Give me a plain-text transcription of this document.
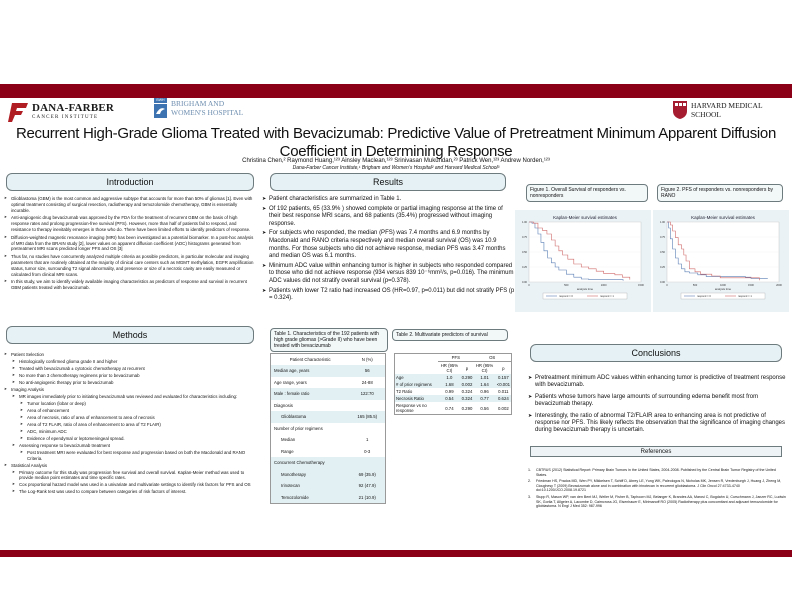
DANA-FARBER
CANCER INSTITUTE
BWH BRIGHAM AND
WOMEN'S HOSPITAL
HARVARD MEDICAL
SCHOOL
Recurrent High-Grade Glioma Treated with Bevacizumab: Predictive Value of Pretreatment Minimum Apparent Diffusion
Coefficient in Determining Response
Christina Chen,² Raymond Huang,¹²³ Ainsley Maclean,¹²³ Srinivasan Mukundan,²³ Patrick Wen,¹²³ Andrew Norden,¹²³
Dana-Farber Cancer Institute,¹ Brigham and Women’s Hospital² and Harvard Medical School³
Introduction
➤ Glioblastoma (GBM) is the most common and aggressive subtype that accounts for more than 50% of gliomas [1]. Even with optimal treatment consisting of surgical resection, radiotherapy and temozolomide chemotherapy, GBM is essentially incurable.
➤ Anti-angiogenic drug bevacizumab was approved by the FDA for the treatment of recurrent GBM on the basis of high response rates and prolong progression-free survival (PFS). However, more than half of patients fail to respond, and resistance to therapy inevitably emerges in those who do. There have been limited efforts to identify predictors of response.
➤ Diffusion-weighted magnetic resonance imaging (MRI) has been investigated as a potential biomarker. In a post-hoc analysis of MRI data from the BRAIN study [2], lower values on apparent diffusion coefficient (ADC) histograms generated from pretreatment MRI scans predicted longer PFS and OS [3]
➤ Thus far, no studies have concurrently analyzed multiple criteria as possible predictors, in particular molecular and imaging parameters that are routinely obtained at the majority of clinical care centers such as MGMT methylation, EGFR amplification status, tumor size, surrounding T2 signal abnormality, and presence or size of a necrotic cavity are easily measured or calculated from clinical MRI scans.
➤ In this study, we aim to identify widely available imaging characteristics as predictors of response and survival in recurrent GBM patients treated with bevacizumab.
Methods
➤ Patient Selection
➤ Histologically confirmed glioma grade II and higher
➤ Treated with bevacizumab ± cytotoxic chemotherapy at recurrent
➤ No more than 3 chemotherapy regimens prior to bevacizumab
➤ No anti-angiogenic therapy prior to bevacizumab
➤ Imaging Analysis
➤ MR images immediately prior to initiating bevacizumab was reviewed and evaluated for characteristics including:
➤ Tumor location (lobar or deep)
➤ Area of enhancement
➤ Area of necrosis, ratio of area of enhancement to area of necrosis
➤ Area of T2 FLAIR, ratio of area of enhancement to area of T2 FLAIR)
➤ ADC, minimum ADC
➤ Evidence of ependymal or leptomeningeal spread.
➤ Assessing response to bevacizumab treatment
➤ Post treatment MRI were evaluated for best response and progression based on both the Macdonald and RANO Criteria.
➤ Statistical Analysis
➤ Primary outcome for this study was progression free survival and overall survival. Kaplan-Meier method was used to provide median point estimates and time specific rates.
➤ Cox proportional hazard model was used in a univariate and multivariate settings to identify risk factors for PFS and OS
➤ The Log-Rank test was used to compare between categories of risk factors of interest.
Results
➤ Patient characteristics are summarized in Table 1.
➤ Of 192 patients, 65 (33.9% ) showed complete or partial imaging response at the time of their best response MRI scans, and 68 patients (35.4%) progressed without imaging response.
➤ For subjects who responded, the median (PFS) was 7.4 months and 6.9 months by Macdonald and RANO criteria respectively and median overall survival (OS) was 10.9 months. For those subjects who did not achieve response, median PFS was 3.47 months and median OS was 6.1 months.
➤ Minimum ADC value within enhancing tumor is higher in subjects who responded compared to those who did not achieve response (934 versus 839 10⁻⁶mm²/s, p=0.016). The minimum ADC values did not stratify overall survival (p=0.378).
➤ Patients with lower T2 ratio had increased OS (HR=0.97, p=0.011) but did not stratify PFS (p = 0.324).
Table 1. Characteristics of the 192 patients with high grade gliomas (>Grade II) who have been treated with bevacizumab
Patient Characteristic	N (%)
Median age, years	56
Age range, years	24-88
Male : female ratio	122:70
Diagnosis	
Glioblastoma	165 (85.5)
Number of prior regimens	
Median	1
Range	0-3
Concurrent Chemotherapy	
Monotherapy	69 (35.9)
Irinotecan	92 (47.9)
Temozolomide	21 (10.9)
Table 2. Multivariate predictors of survival
	PFS		OS	
	HR (95% CI)	p	HR (95% CI)	p
Age	1.0	0.290	1.01	0.157
# of prior regimens	1.68	0.002	1.64	<0.001
T2 Ratio	0.99	0.324	0.96	0.011
Necrosis Ratio	0.54	0.324	0.77	0.624
Response vs no response	0.74	0.290	0.56	0.002
Figure 1. Overall Survival of responders vs. nonresponders
Figure 2. PFS of responders vs. nonresponders by RANO
Kaplan-Meier survival estimates
0.00
0.25
0.50
0.75
1.00
0	500	1000	1500
analysis time
respond = 0	respond = 1
Kaplan-Meier survival estimates
0.00
0.25
0.50
0.75
1.00
0	500	1000	1500	2000
analysis time
respond = 0	respond = 1
Conclusions
➤ Pretreatment minimum ADC values within enhancing tumor is predictive of treatment response with bevacizumab.
➤ Patients whose tumors have large amounts of surrounding edema benefit most from bevacizumab therapy.
➤ Interestingly, the ratio of abnormal T2/FLAIR area to enhancing area is not predictive of response nor PFS. This likely reflects the observation that the significance of imaging changes during bevacizumab therapy is uncertain.
References
1. CBTRUS (2012) Statistical Report: Primary Brain Tumors in the United States, 2004-2008. Published by the Central Brain Tumor Registry of the United States.
2. Friedman HS, Prados MD, Wen PY, Mikkelsen T, Schiff D, Abrey LE, Yung WK, Paleologos N, Nicholas MK, Jensen R, Vredenburgh J, Huang J, Zheng M, Cloughesy T (2009) Bevacizumab alone and in combination with irinotecan in recurrent glioblastoma. J Clin Oncol 27:4733-4740 doi:10.1200/JCO.2008.19.8721
3. Stupp R, Mason WP, van den Bent MJ, Weller M, Fisher B, Taphoorn MJ, Belanger K, Brandes AA, Marosi C, Bogdahn U, Curschmann J, Janzer RC, Ludwin SK, Gorlia T, Allgeier A, Lacombe D, Cairncross JG, Eisenhauer E, Mirimanoff RO (2005) Radiotherapy plus concomitant and adjuvant temozolomide for glioblastoma. N Engl J Med 352: 987-996
